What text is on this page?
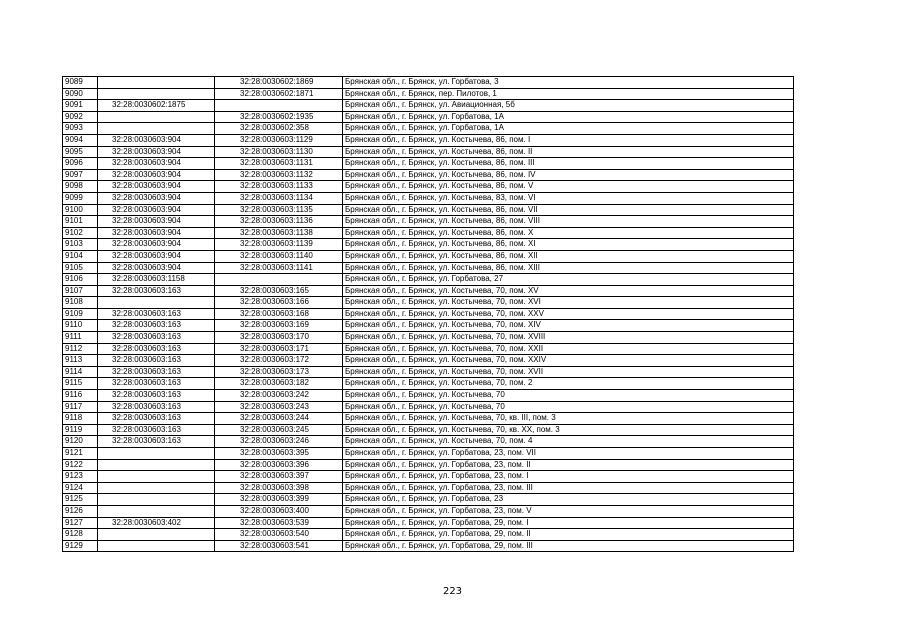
9089		32:28:0030602:1869	Брянская обл., г. Брянск, ул. Горбатова, 3
9090		32:28:0030602:1871	Брянская обл., г. Брянск, пер. Пилотов, 1
9091	32:28:0030602:1875		Брянская обл., г. Брянск, ул. Авиационная, 5б
9092		32:28:0030602:1935	Брянская обл., г. Брянск, ул. Горбатова, 1А
9093		32:28:0030602:358	Брянская обл., г. Брянск, ул. Горбатова, 1А
9094	32:28:0030603:904	32:28:0030603:1129	Брянская обл., г. Брянск, ул. Костычева, 86, пом. I
9095	32:28:0030603:904	32:28:0030603:1130	Брянская обл., г. Брянск, ул. Костычева, 86, пом. II
9096	32:28:0030603:904	32:28:0030603:1131	Брянская обл., г. Брянск, ул. Костычева, 86, пом. III
9097	32:28:0030603:904	32:28:0030603:1132	Брянская обл., г. Брянск, ул. Костычева, 86, пом. IV
9098	32:28:0030603:904	32:28:0030603:1133	Брянская обл., г. Брянск, ул. Костычева, 86, пом. V
9099	32:28:0030603:904	32:28:0030603:1134	Брянская обл., г. Брянск, ул. Костычева, 83, пом. VI
9100	32:28:0030603:904	32:28:0030603:1135	Брянская обл., г. Брянск, ул. Костычева, 86, пом. VII
9101	32:28:0030603:904	32:28:0030603:1136	Брянская обл., г. Брянск, ул. Костычева, 86, пом. VIII
9102	32:28:0030603:904	32:28:0030603:1138	Брянская обл., г. Брянск, ул. Костычева, 86, пом. X
9103	32:28:0030603:904	32:28:0030603:1139	Брянская обл., г. Брянск, ул. Костычева, 86, пом. XI
9104	32:28:0030603:904	32:28:0030603:1140	Брянская обл., г. Брянск, ул. Костычева, 86, пом. XII
9105	32:28:0030603:904	32:28:0030603:1141	Брянская обл., г. Брянск, ул. Костычева, 86, пом. XIII
9106	32:28:0030603:1158		Брянская обл., г. Брянск, ул. Горбатова, 27
9107	32:28:0030603:163	32:28:0030603:165	Брянская обл., г. Брянск, ул. Костычева, 70, пом. XV
9108		32:28:0030603:166	Брянская обл., г. Брянск, ул. Костычева, 70, пом. XVI
9109	32:28:0030603:163	32:28:0030603:168	Брянская обл., г. Брянск, ул. Костычева, 70, пом. XXV
9110	32:28:0030603:163	32:28:0030603:169	Брянская обл., г. Брянск, ул. Костычева, 70, пом. XIV
9111	32:28:0030603:163	32:28:0030603:170	Брянская обл., г. Брянск, ул. Костычева, 70, пом. XVIII
9112	32:28:0030603:163	32:28:0030603:171	Брянская обл., г. Брянск, ул. Костычева, 70, пом. XXII
9113	32:28:0030603:163	32:28:0030603:172	Брянская обл., г. Брянск, ул. Костычева, 70, пом. XXIV
9114	32:28:0030603:163	32:28:0030603:173	Брянская обл., г. Брянск, ул. Костычева, 70, пом. XVII
9115	32:28:0030603:163	32:28:0030603:182	Брянская обл., г. Брянск, ул. Костычева, 70, пом. 2
9116	32:28:0030603:163	32:28:0030603:242	Брянская обл., г. Брянск, ул. Костычева, 70
9117	32:28:0030603:163	32:28:0030603:243	Брянская обл., г. Брянск, ул. Костычева, 70
9118	32:28:0030603:163	32:28:0030603:244	Брянская обл., г. Брянск, ул. Костычева, 70, кв. III, пом. 3
9119	32:28:0030603:163	32:28:0030603:245	Брянская обл., г. Брянск, ул. Костычева, 70, кв. XX, пом. 3
9120	32:28:0030603:163	32:28:0030603:246	Брянская обл., г. Брянск, ул. Костычева, 70, пом. 4
9121		32:28:0030603:395	Брянская обл., г. Брянск, ул. Горбатова, 23, пом. VII
9122		32:28:0030603:396	Брянская обл., г. Брянск, ул. Горбатова, 23, пом. II
9123		32:28:0030603:397	Брянская обл., г. Брянск, ул. Горбатова, 23, пом. I
9124		32:28:0030603:398	Брянская обл., г. Брянск, ул. Горбатова, 23, пом. III
9125		32:28:0030603:399	Брянская обл., г. Брянск, ул. Горбатова, 23
9126		32:28:0030603:400	Брянская обл., г. Брянск, ул. Горбатова, 23, пом. V
9127	32:28:0030603:402	32:28:0030603:539	Брянская обл., г. Брянск, ул. Горбатова, 29, пом. I
9128		32:28:0030603:540	Брянская обл., г. Брянск, ул. Горбатова, 29, пом. II
9129		32:28:0030603:541	Брянская обл., г. Брянск, ул. Горбатова, 29, пом. III
223
